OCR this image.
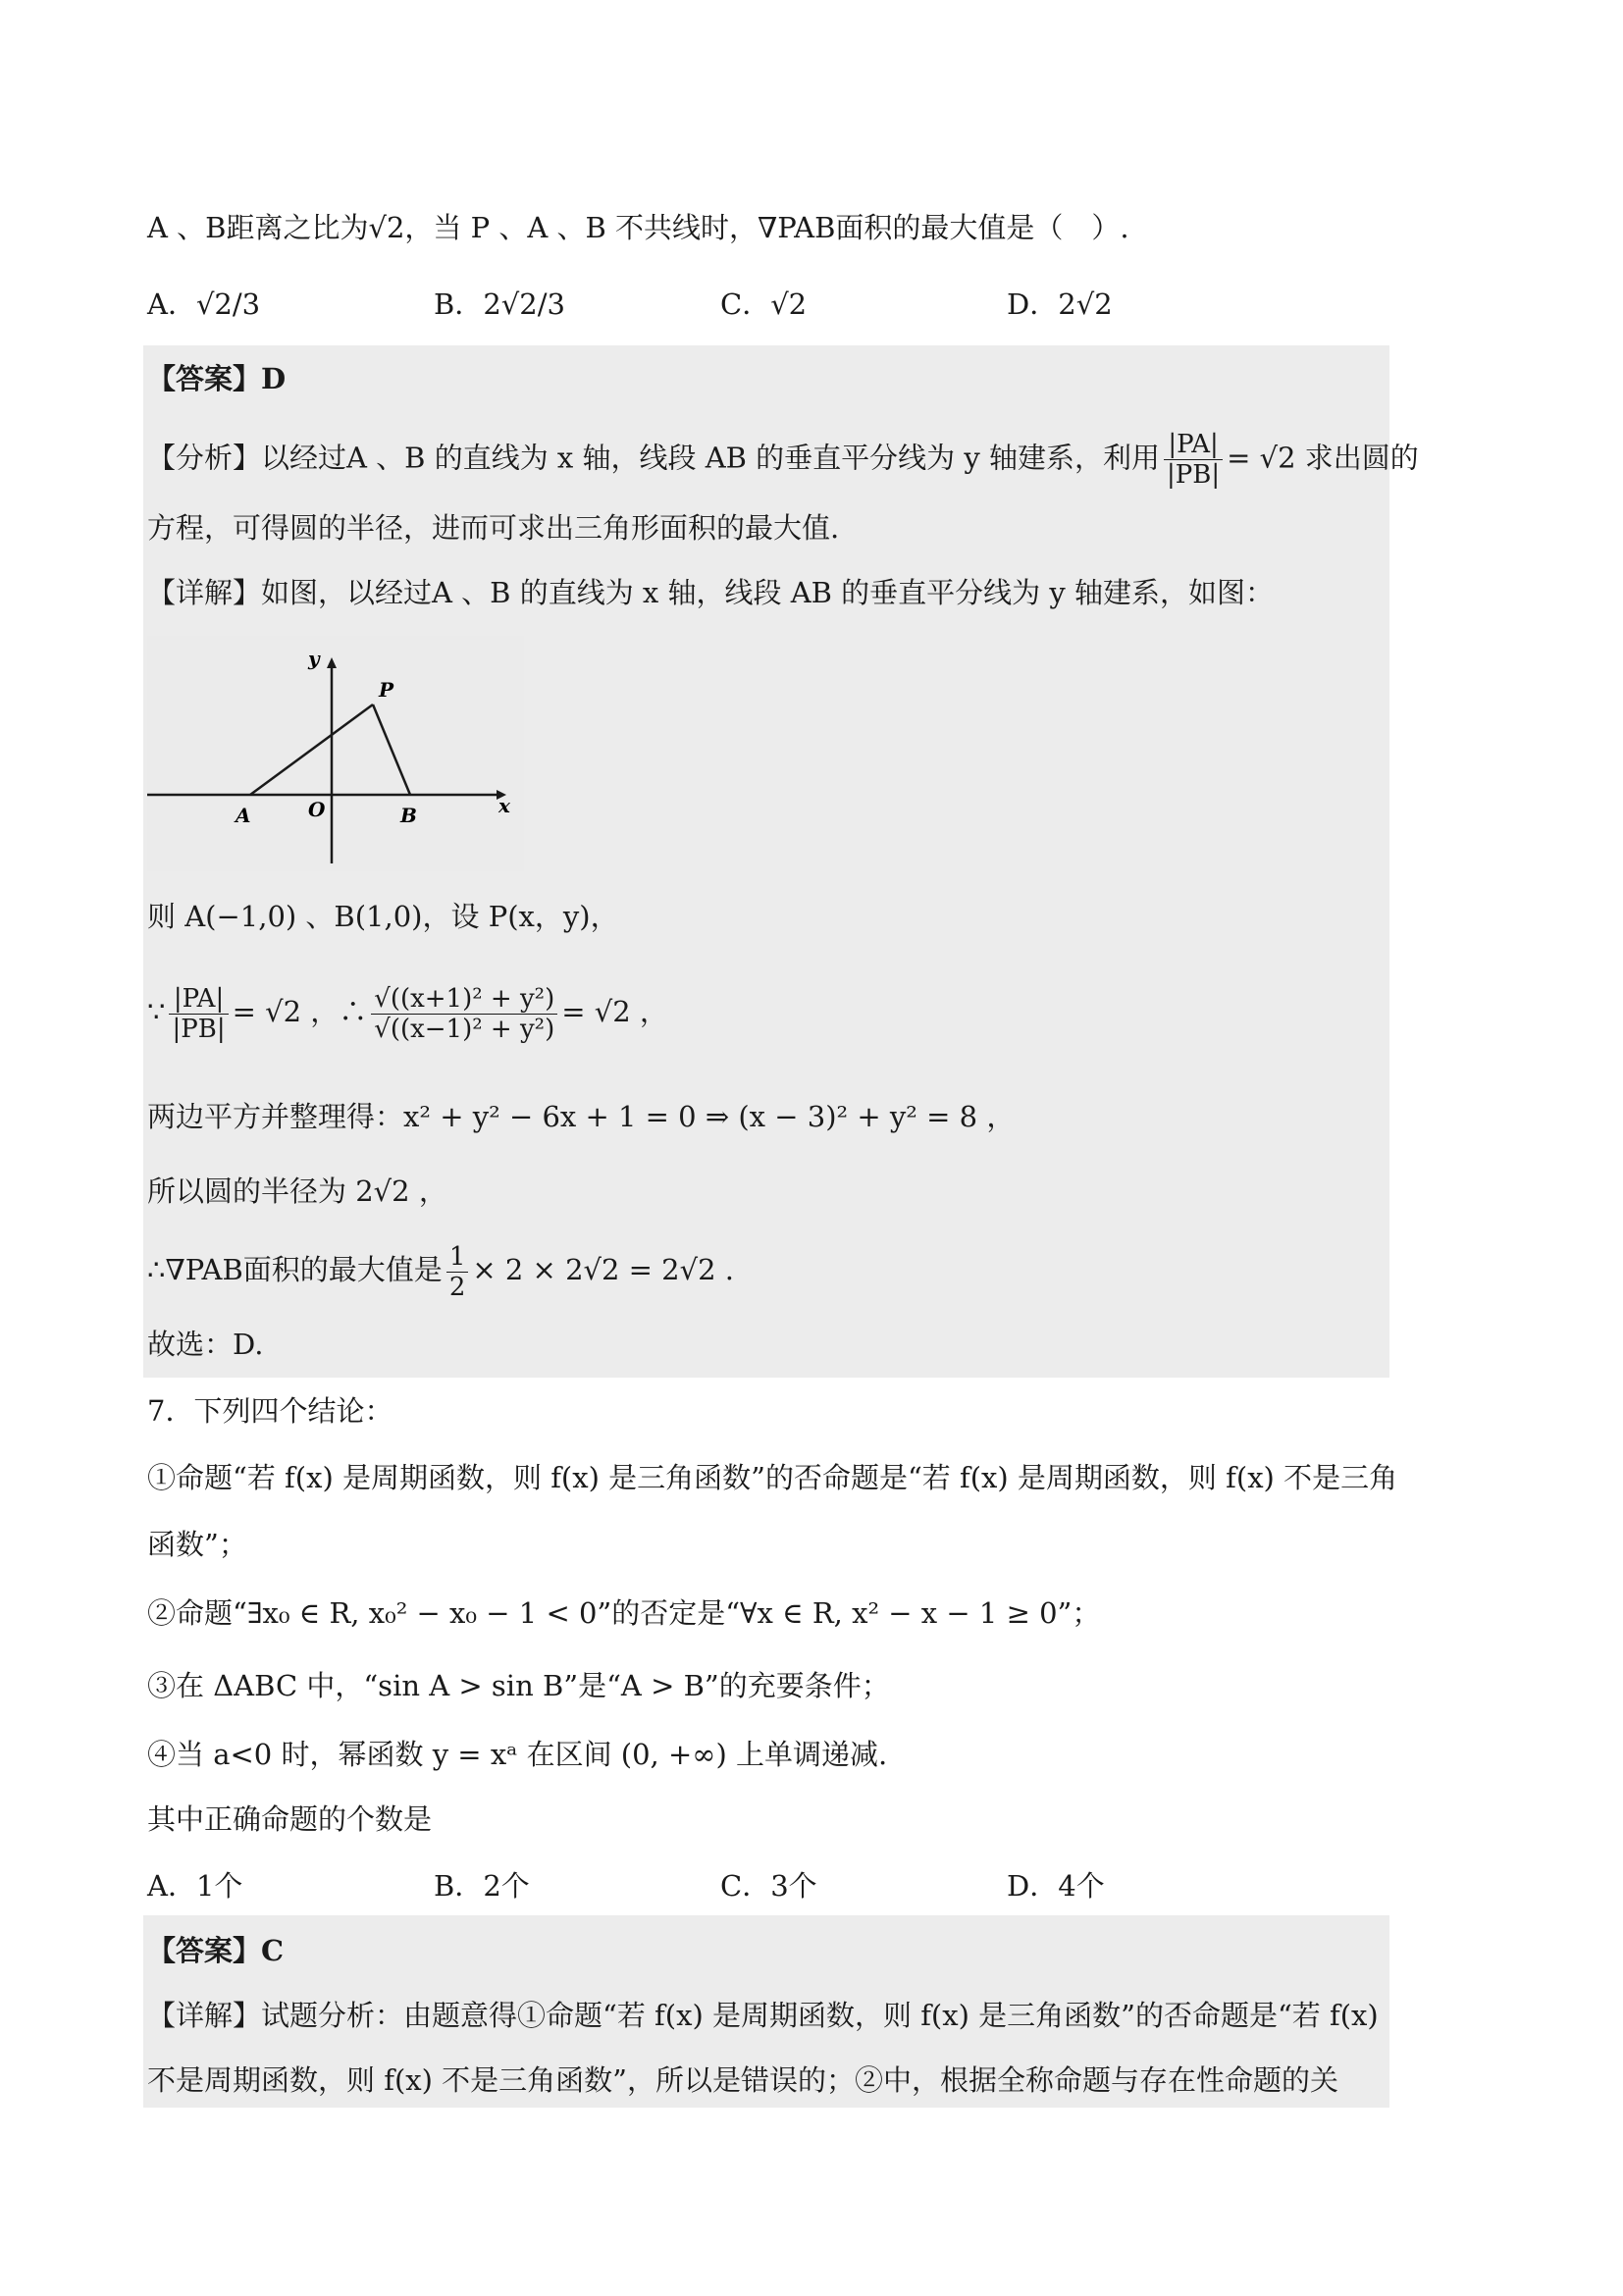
A 、B距离之比为√2，当 P 、A 、B 不共线时，∇PAB面积的最大值是（　）.
A．√2/3	B．2√2/3	C．√2	D．2√2
【答案】D
【分析】以经过A 、B 的直线为 x 轴，线段 AB 的垂直平分线为 y 轴建系，利用 $\frac{|PA|}{|PB|} = √2$ 求出圆的
方程，可得圆的半径，进而可求出三角形面积的最大值.
【详解】如图，以经过A 、B 的直线为 x 轴，线段 AB 的垂直平分线为 y 轴建系，如图：
y
P
A	O	B	x
则 A(−1,0) 、B(1,0)，设 P(x，y)，
∵ $\frac{|PA|}{|PB|} = √2$ ，∴ $\frac{\text{√((x+1)² + y²)}}{\text{√((x−1)² + y²)}} = √2$ ，
两边平方并整理得：x² + y² − 6x + 1 = 0 ⇒ (x − 3)² + y² = 8 ，
所以圆的半径为 2√2 ，
∴∇PAB面积的最大值是 $\frac{1}{2} \times 2 \times 2√2 = 2√2$ .
故选：D.
7．下列四个结论：
①命题“若 f(x) 是周期函数，则 f(x) 是三角函数”的否命题是“若 f(x) 是周期函数，则 f(x) 不是三角
函数”；
②命题“∃x₀ ∈ R, x₀² − x₀ − 1 < 0”的否定是“∀x ∈ R, x² − x − 1 ≥ 0”；
③在 ΔABC 中，“sin A > sin B”是“A > B”的充要条件；
④当 a<0 时，幂函数 y = xᵃ 在区间 (0, +∞) 上单调递减.
其中正确命题的个数是
A．1个	B．2个	C．3个	D．4个
【答案】C
【详解】试题分析：由题意得①命题“若 f(x) 是周期函数，则 f(x) 是三角函数”的否命题是“若 f(x)
不是周期函数，则 f(x) 不是三角函数”，所以是错误的；②中，根据全称命题与存在性命题的关
